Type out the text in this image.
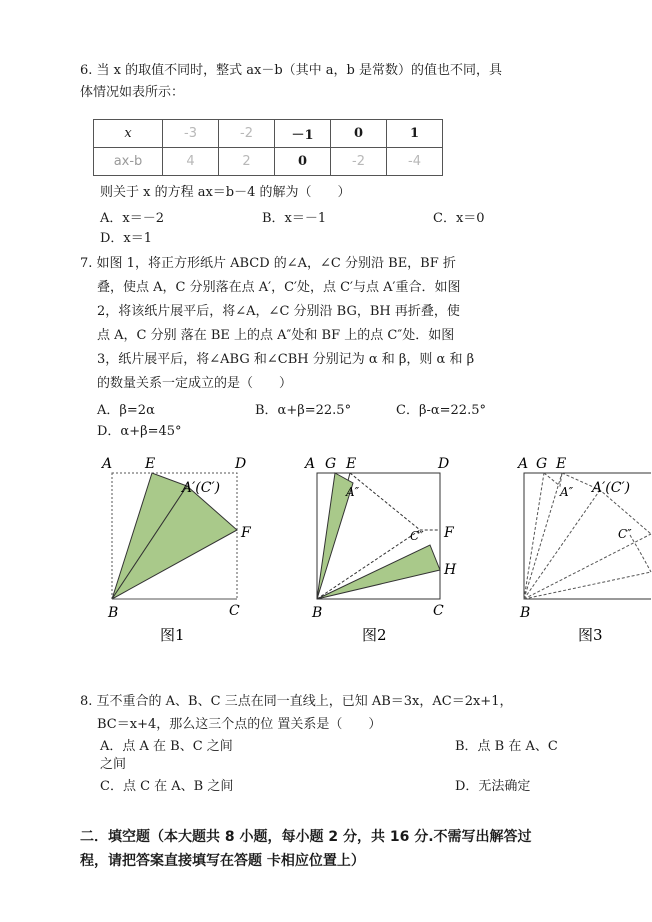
6. 当 x 的取值不同时，整式 ax－b（其中 a，b 是常数）的值也不同，具
体情况如表所示：
x	-3	-2	－1	0	1
ax-b	4	2	0	-2	-4
则关于 x 的方程 ax＝b－4 的解为（　　）
A．x＝－2	B．x＝－1	C．x＝0
D．x＝1
7. 如图 1，将正方形纸片 ABCD 的∠A，∠C 分别沿 BE，BF 折
叠，使点 A，C 分别落在点 A′，C′处，点 C′与点 A′重合．如图
2，将该纸片展平后，将∠A，∠C 分别沿 BG，BH 再折叠，使
点 A，C 分别 落在 BE 上的点 A″处和 BF 上的点 C″处．如图
3，纸片展平后，将∠ABG 和∠CBH 分别记为 α 和 β，则 α 和 β
的数量关系一定成立的是（　　）
A．β=2α	B．α+β=22.5°	C．β-α=22.5°
D．α+β=45°
A E	D
A′(C′)
F
B	C
图1
A G E	D
A″
C″ F
H
B	C
图2
A G E
A″ A′(C′)
C″
B
图3
8. 互不重合的 A、B、C 三点在同一直线上，已知 AB＝3x，AC＝2x+1，
BC＝x+4，那么这三个点的位 置关系是（　　）
A．点 A 在 B、C 之间	B．点 B 在 A、C
之间
C．点 C 在 A、B 之间	D．无法确定
二．填空题（本大题共 8 小题，每小题 2 分，共 16 分.不需写出解答过
程，请把答案直接填写在答题 卡相应位置上）
